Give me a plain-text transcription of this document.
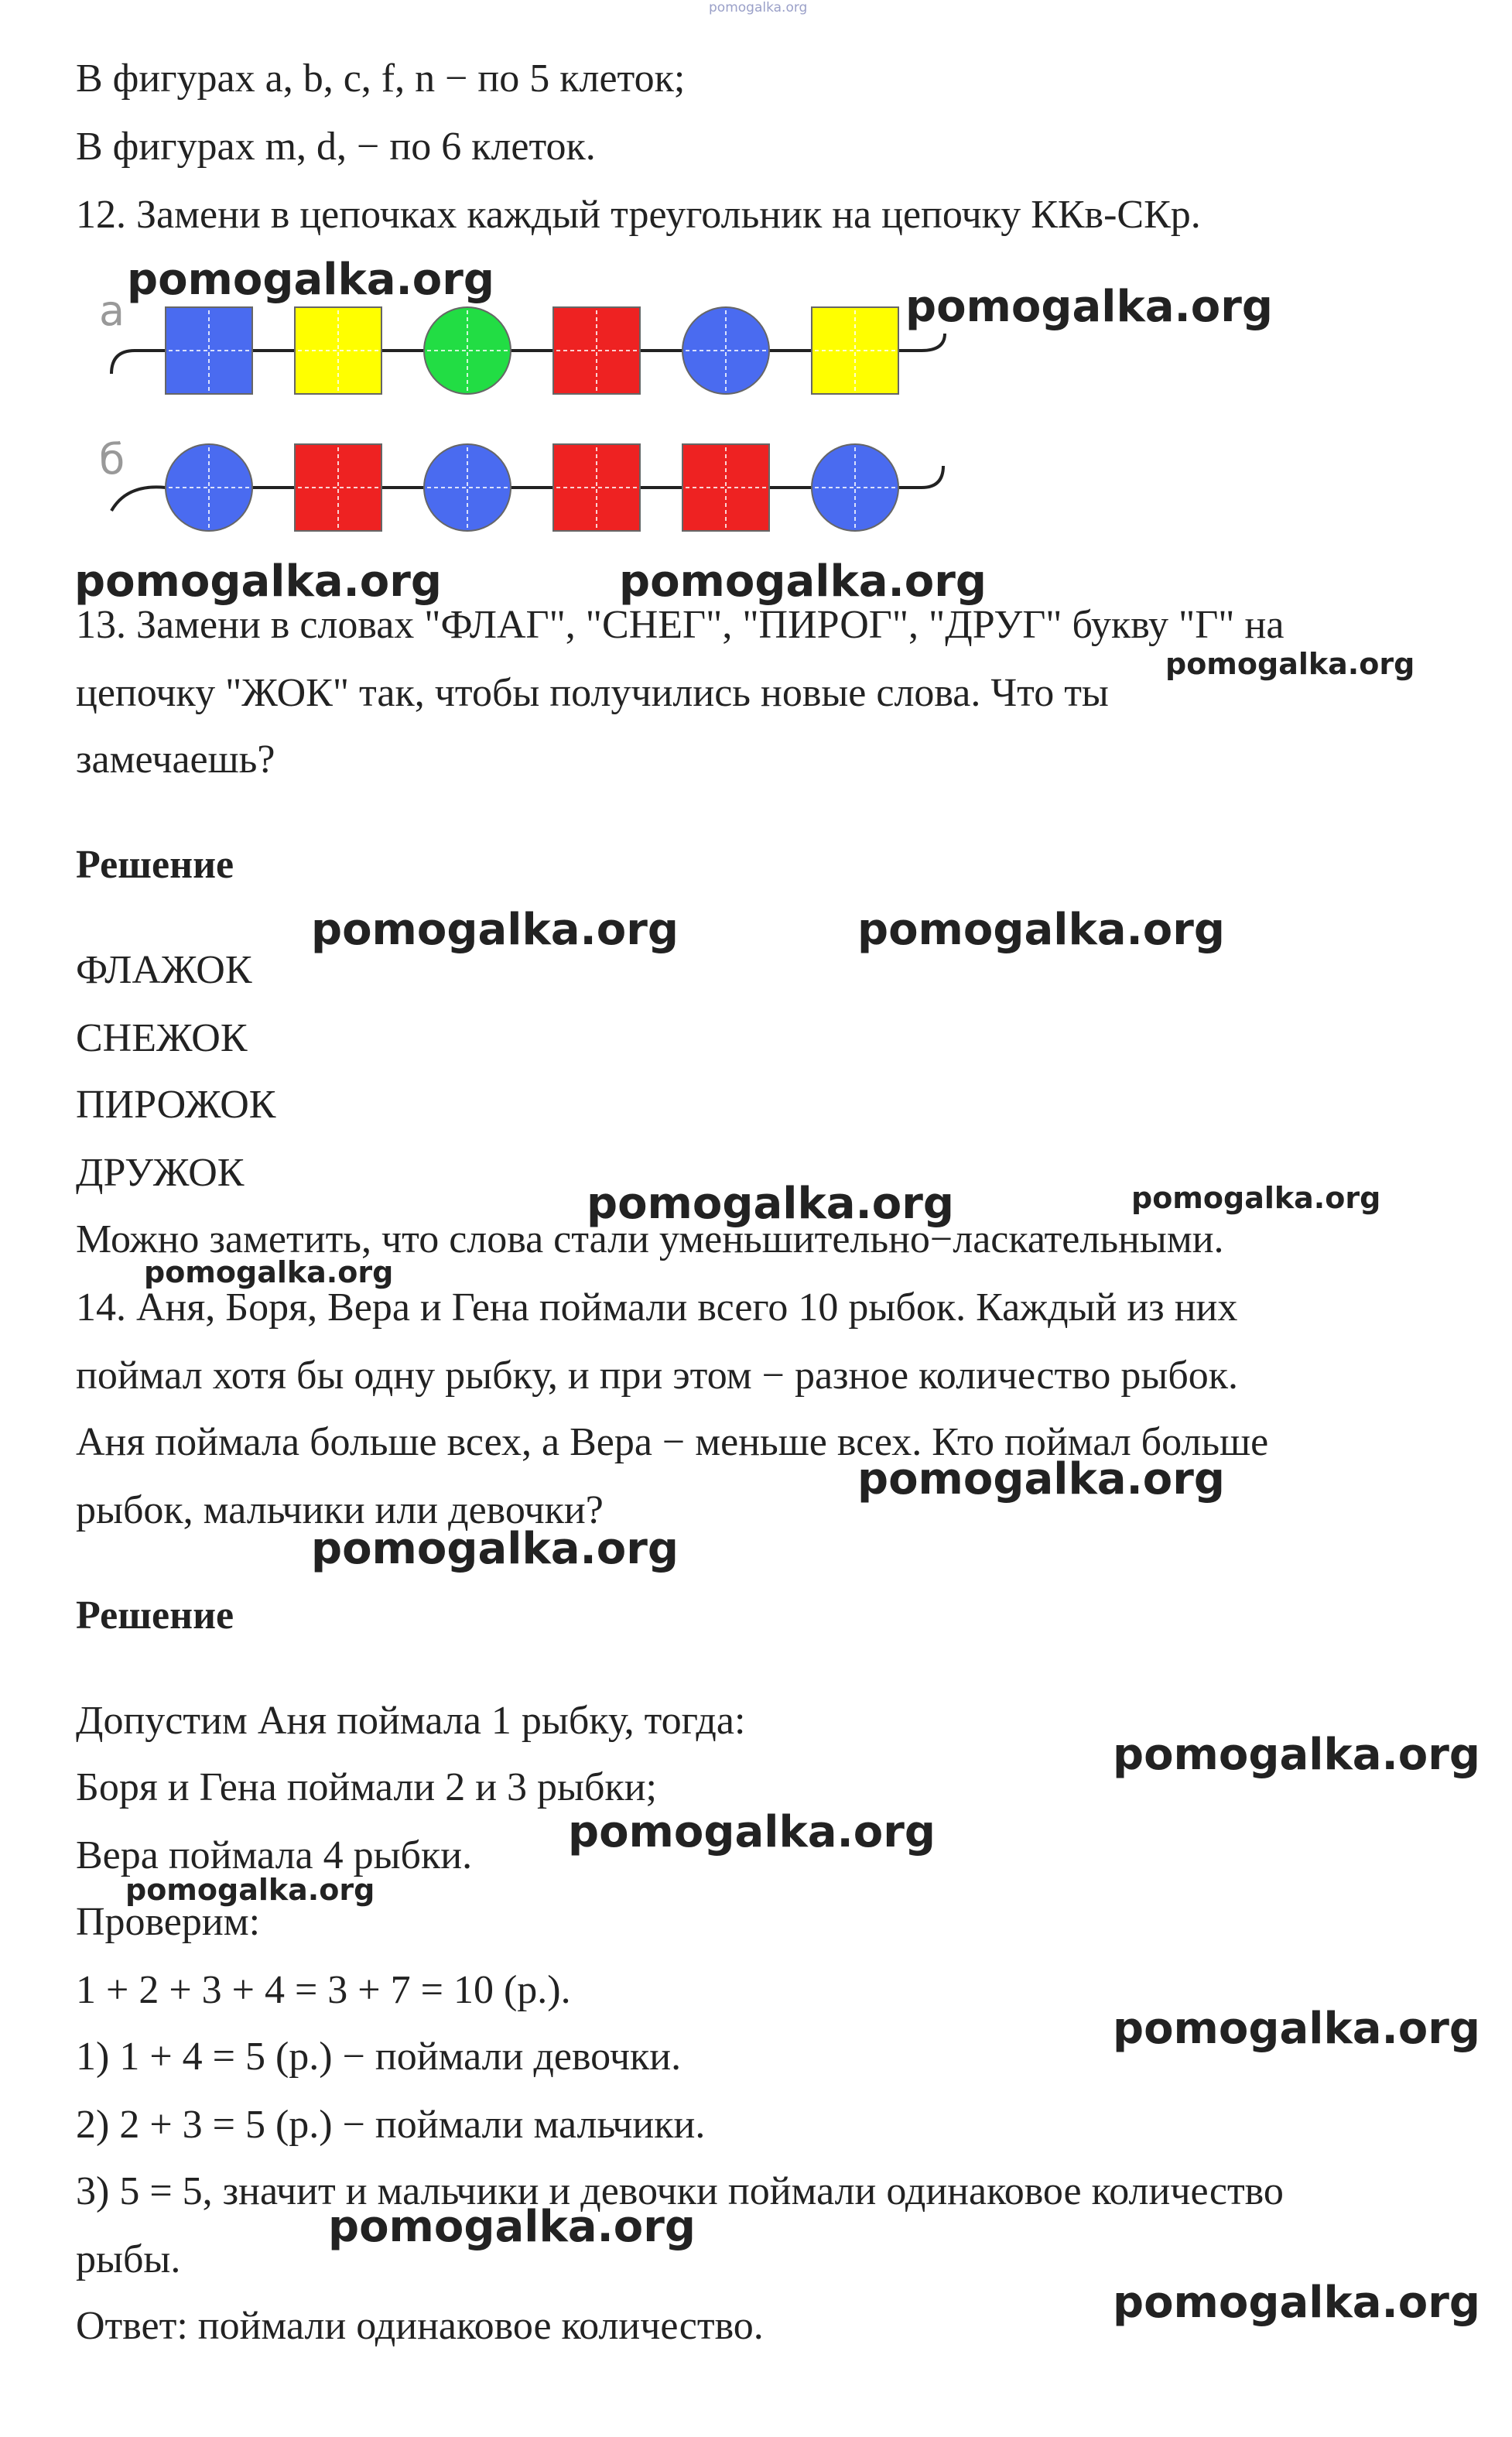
pomogalka.org

В фигурах a, b, c, f, n − по 5 клеток;

В фигурах m, d, − по 6 клеток.

12. Замени в цепочках каждый треугольник на цепочку ККв-СКр.

а
б

pomogalka.org

pomogalka.org

pomogalka.org	pomogalka.org

13. Замени в словах "ФЛАГ", "СНЕГ", "ПИРОГ", "ДРУГ" букву "Г" на

pomogalka.org

цепочку "ЖОК" так, чтобы получились новые слова. Что ты

замечаешь?

Решение

pomogalka.org	pomogalka.org

ФЛАЖОК

СНЕЖОК

ПИРОЖОК

ДРУЖОК

pomogalka.org	pomogalka.org

Можно заметить, что слова стали уменьшительно−ласкательными.

pomogalka.org

14. Аня, Боря, Вера и Гена поймали всего 10 рыбок. Каждый из них

поймал хотя бы одну рыбку, и при этом − разное количество рыбок.

Аня поймала больше всех, а Вера − меньше всех. Кто поймал больше

pomogalka.org

рыбок, мальчики или девочки?

pomogalka.org

Решение

Допустим Аня поймала 1 рыбку, тогда:

pomogalka.org

Боря и Гена поймали 2 и 3 рыбки;

pomogalka.org

Вера поймала 4 рыбки.

pomogalka.org

Проверим:

1 + 2 + 3 + 4 = 3 + 7 = 10 (р.).

pomogalka.org

1) 1 + 4 = 5 (р.) − поймали девочки.

2) 2 + 3 = 5 (р.) − поймали мальчики.

3) 5 = 5, значит и мальчики и девочки поймали одинаковое количество

pomogalka.org

рыбы.

pomogalka.org

Ответ: поймали одинаковое количество.
